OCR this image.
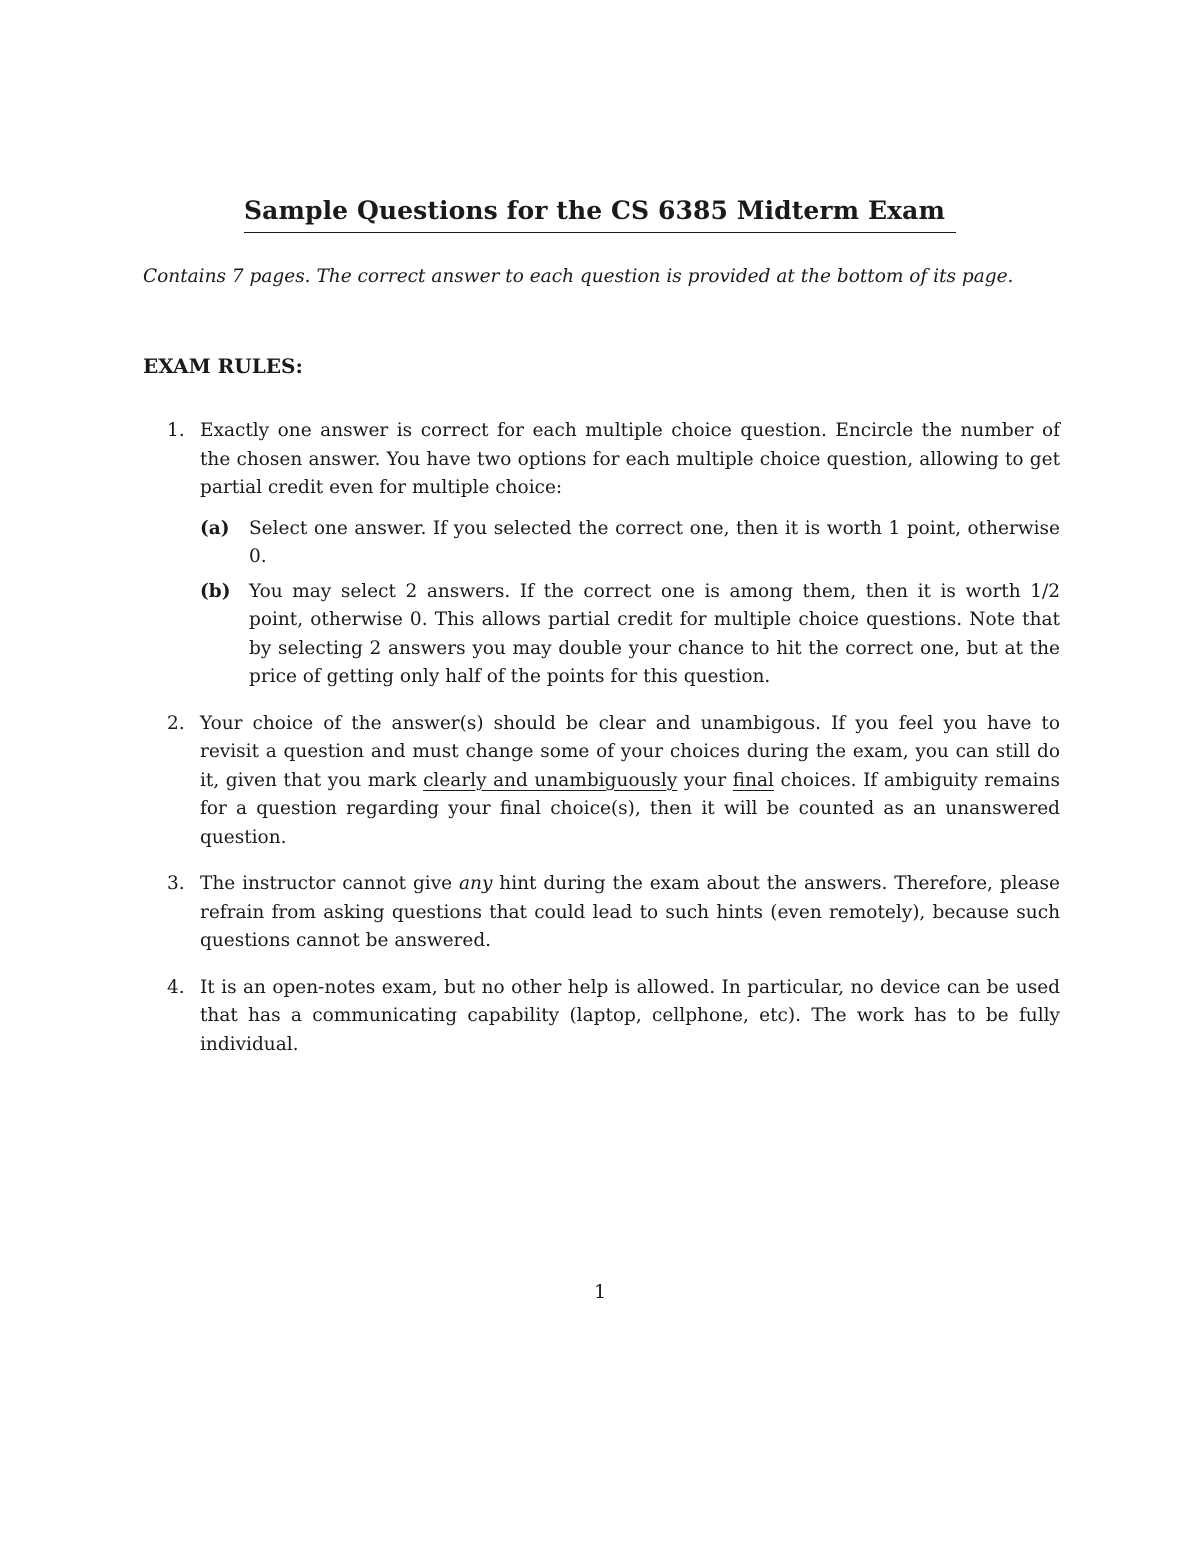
Sample Questions for the CS 6385 Midterm Exam
Contains 7 pages. The correct answer to each question is provided at the bottom of its page.
EXAM RULES:
1. Exactly one answer is correct for each multiple choice question. Encircle the number of the chosen answer. You have two options for each multiple choice question, allowing to get partial credit even for multiple choice:
(a) Select one answer. If you selected the correct one, then it is worth 1 point, otherwise 0.
(b) You may select 2 answers. If the correct one is among them, then it is worth 1/2 point, otherwise 0. This allows partial credit for multiple choice questions. Note that by selecting 2 answers you may double your chance to hit the correct one, but at the price of getting only half of the points for this question.
2. Your choice of the answer(s) should be clear and unambigous. If you feel you have to revisit a question and must change some of your choices during the exam, you can still do it, given that you mark clearly and unambiguously your final choices. If ambiguity remains for a question regarding your final choice(s), then it will be counted as an unanswered question.
3. The instructor cannot give any hint during the exam about the answers. Therefore, please refrain from asking questions that could lead to such hints (even remotely), because such questions cannot be answered.
4. It is an open-notes exam, but no other help is allowed. In particular, no device can be used that has a communicating capability (laptop, cellphone, etc). The work has to be fully individual.
1
